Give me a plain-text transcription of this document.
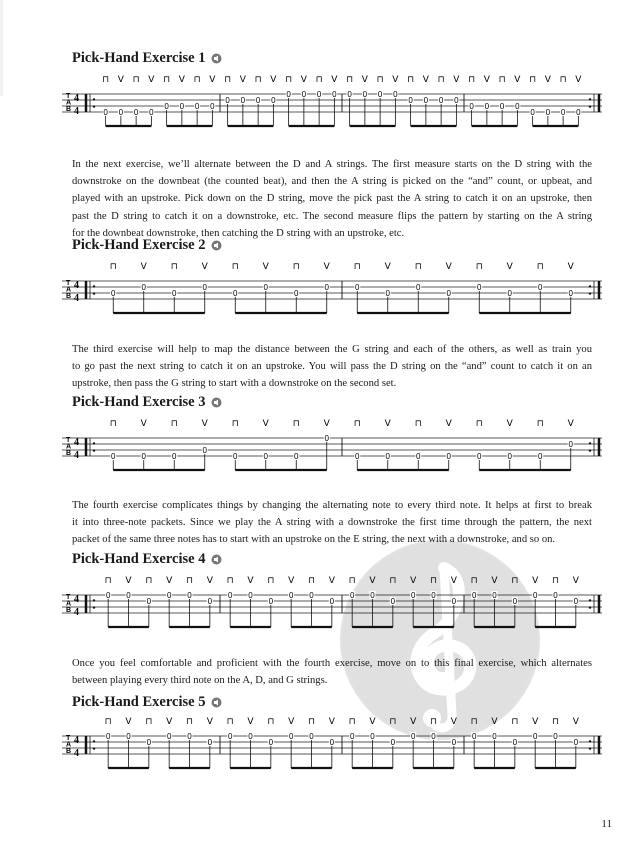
Pick-Hand Exercise 1
T
A
B
4
4	0
⊓
0
V
0
⊓
0
V
0
⊓
0
V
0
⊓
0
V
0
⊓
0
V
0
⊓
0
V
0
⊓
0
V
0
⊓
0
V
0
⊓
0
V
0
⊓
0
V
0
⊓
0
V
0
⊓
0
V
0
⊓
0
V
0
⊓
0
V
0
⊓
0
V
0
⊓
0
V
In the next exercise, we’ll alternate between the D and A strings. The first measure starts on the D string with the
downstroke on the downbeat (the counted beat), and then the A string is picked on the “and” count, or upbeat, and
played with an upstroke. Pick down on the D string, move the pick past the A string to catch it on an upstroke, then
past the D string to catch it on a downstroke, etc. The second measure flips the pattern by starting on the A string
for the downbeat downstroke, then catching the D string with an upstroke, etc.
Pick-Hand Exercise 2
T
A
B
4
4	0
⊓
0
V
0
⊓
0
V
0
⊓
0
V
0
⊓
0
V
0
⊓
0
V
0
⊓
0
V
0
⊓
0
V
0
⊓
0
V
The third exercise will help to map the distance between the G string and each of the others, as well as train you
to go past the next string to catch it on an upstroke. You will pass the D string on the “and” count to catch it on an
upstroke, then pass the G string to start with a downstroke on the second set.
Pick-Hand Exercise 3
T
A
B
4
4	0
⊓
0
V
0
⊓
0
V
0
⊓
0
V
0
⊓
0
V
0
⊓
0
V
0
⊓
0
V
0
⊓
0
V
0
⊓
0
V
The fourth exercise complicates things by changing the alternating note to every third note. It helps at first to break
it into three-note packets. Since we play the A string with a downstroke the first time through the pattern, the next
packet of the same three notes has to start with an upstroke on the E string, the next with a downstroke, and so on.
Pick-Hand Exercise 4
T
A
B
4
4
0
⊓
0
V
0
⊓
0
V
0
⊓
0
V
0
⊓
0
V
0
⊓
0
V
0
⊓
0
V
0
⊓
0
V
0
⊓
0
V
0
⊓
0
V
0
⊓
0
V
0
⊓
0
V
0
⊓
0
V
Once you feel comfortable and proficient with the fourth exercise, move on to this final exercise, which alternates
between playing every third note on the A, D, and G strings.
Pick-Hand Exercise 5
T
A
B
4
4
0
⊓
0
V
0
⊓
0
V
0
⊓
0
V
0
⊓
0
V
0
⊓
0
V
0
⊓
0
V
0
⊓
0
V
0
⊓
0
V
0
⊓
0
V
0
⊓
0
V
0
⊓
0
V
0
⊓
0
V
11
